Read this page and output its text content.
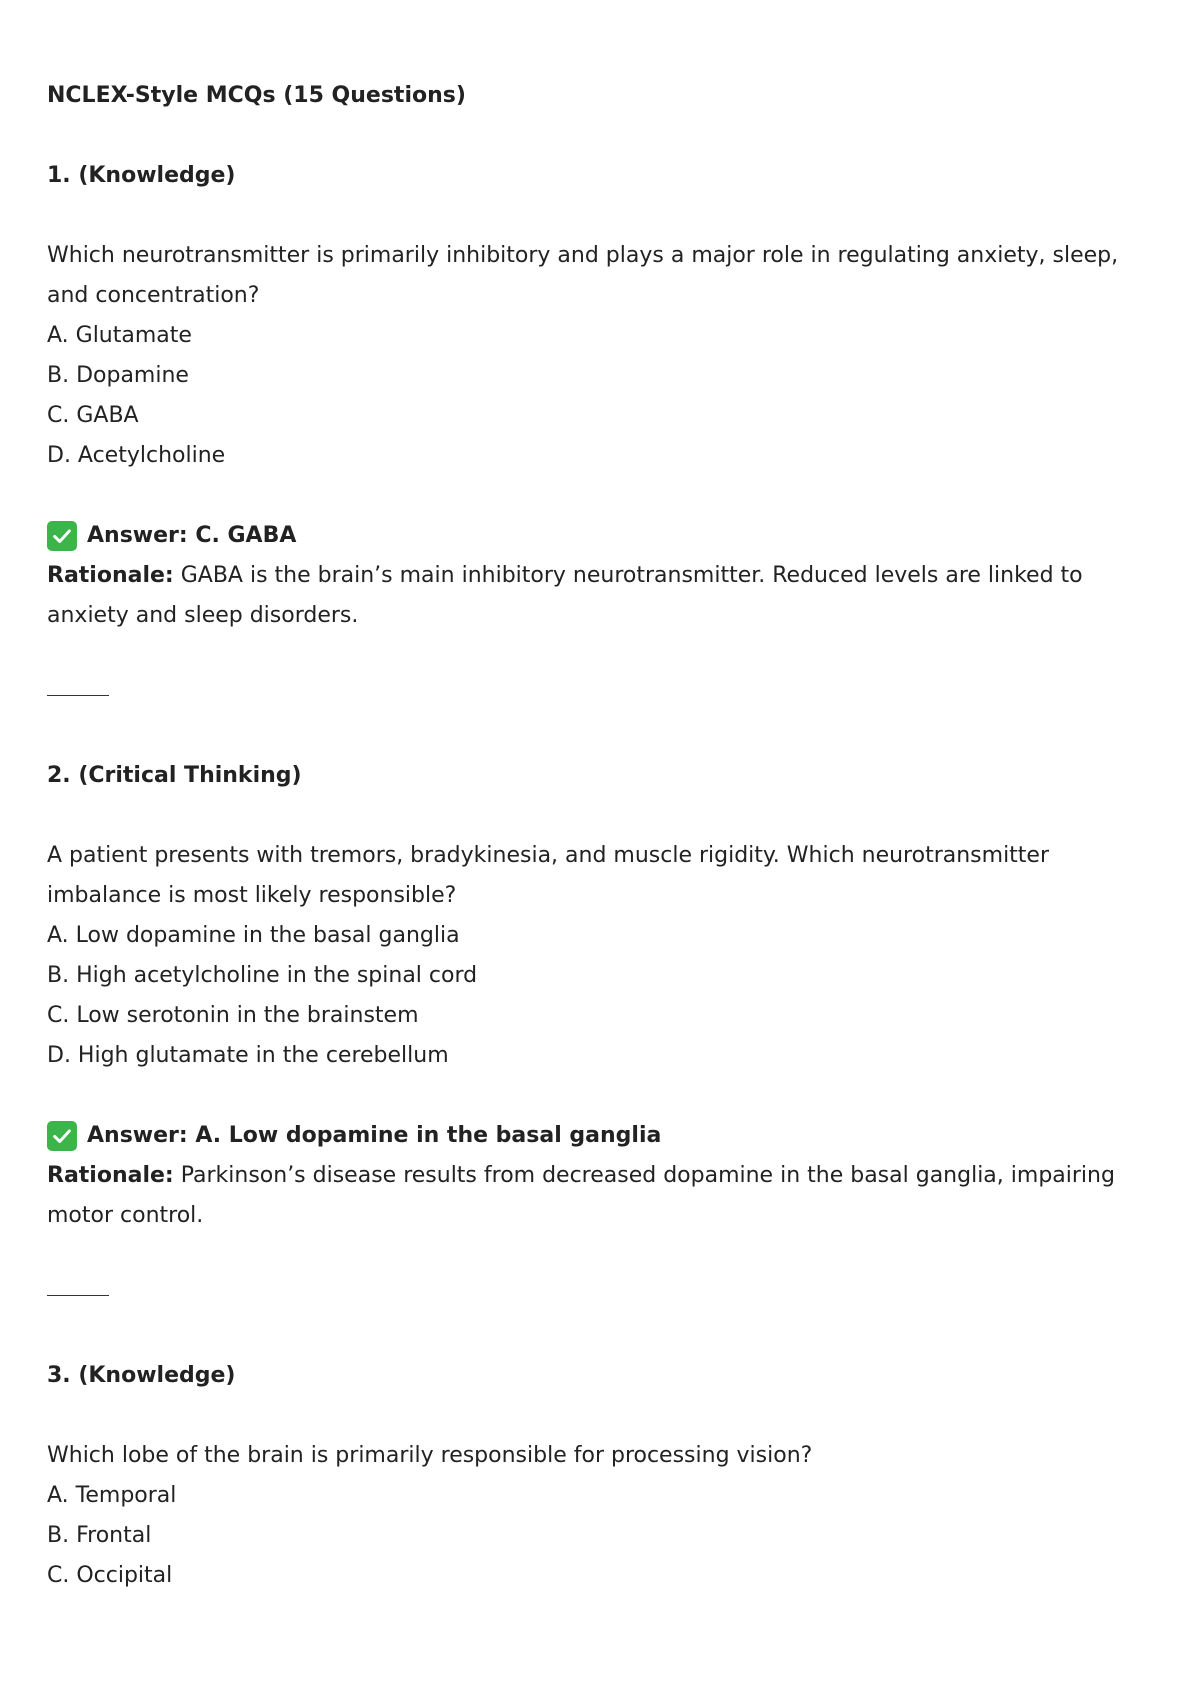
NCLEX-Style MCQs (15 Questions)
1. (Knowledge)

Which neurotransmitter is primarily inhibitory and plays a major role in regulating anxiety, sleep, and concentration?

A. Glutamate
B. Dopamine
C. GABA
D. Acetylcholine
Answer: C. GABA

Rationale: GABA is the brain’s main inhibitory neurotransmitter. Reduced levels are linked to anxiety and sleep disorders.

2. (Critical Thinking)

A patient presents with tremors, bradykinesia, and muscle rigidity. Which neurotransmitter imbalance is most likely responsible?

A. Low dopamine in the basal ganglia
B. High acetylcholine in the spinal cord
C. Low serotonin in the brainstem
D. High glutamate in the cerebellum
Answer: A. Low dopamine in the basal ganglia

Rationale: Parkinson’s disease results from decreased dopamine in the basal ganglia, impairing motor control.

3. (Knowledge)

Which lobe of the brain is primarily responsible for processing vision?

A. Temporal
B. Frontal
C. Occipital
